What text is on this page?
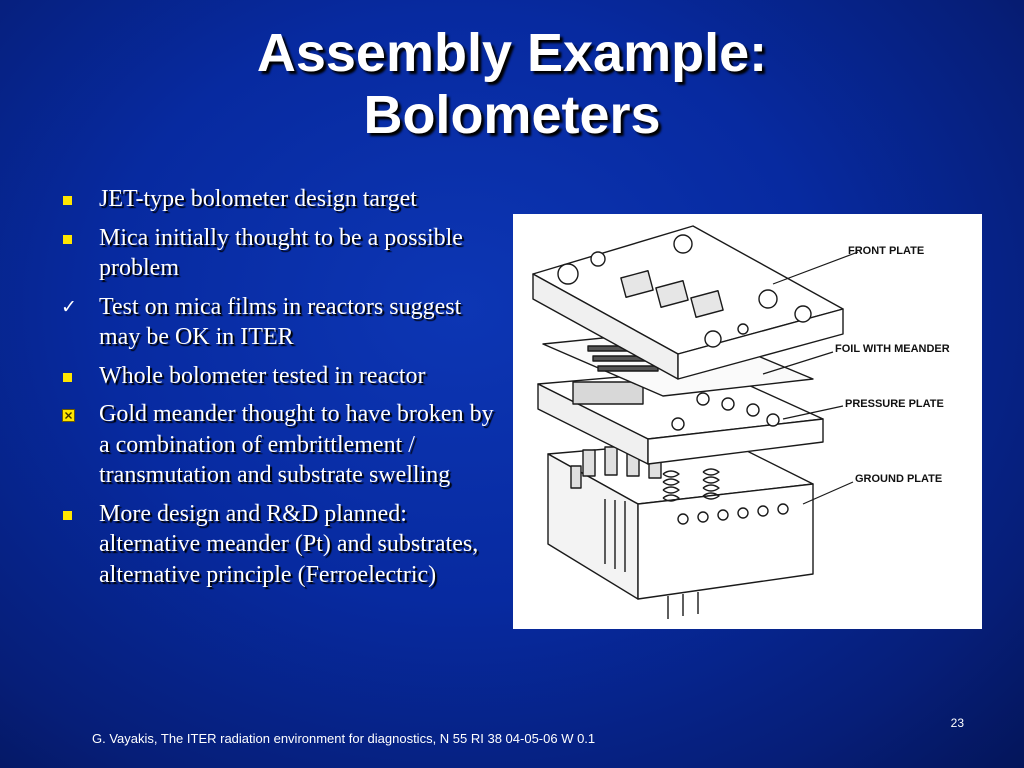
Assembly Example:
Bolometers
JET-type bolometer design target
Mica initially thought to be a possible problem
✓ Test on mica films in reactors suggest may be OK in ITER
Whole bolometer tested in reactor
Gold meander thought to have broken by a combination of embrittlement / transmutation and substrate swelling
More design and R&D planned: alternative meander (Pt) and substrates, alternative principle (Ferroelectric)
FRONT PLATE
FOIL WITH MEANDER
PRESSURE PLATE
GROUND PLATE
23
G. Vayakis, The ITER radiation environment for diagnostics, N 55 RI 38 04-05-06 W 0.1
